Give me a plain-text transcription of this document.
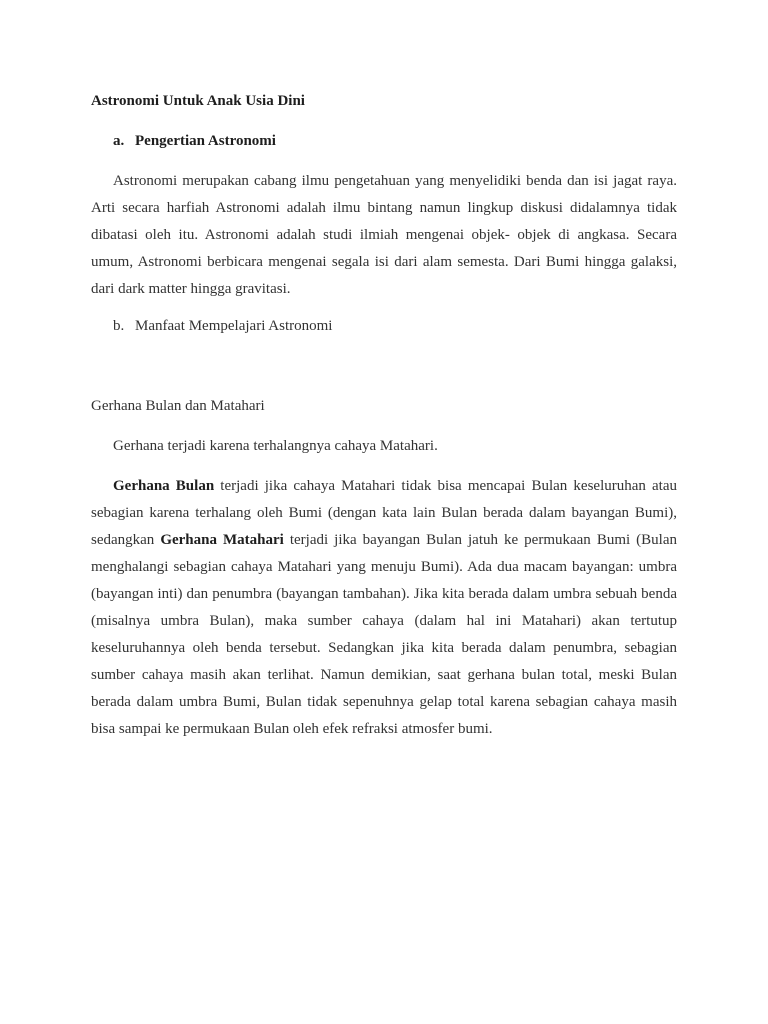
Astronomi Untuk Anak Usia Dini

a. Pengertian Astronomi

Astronomi merupakan cabang ilmu pengetahuan yang menyelidiki benda dan isi jagat raya. Arti secara harfiah Astronomi adalah ilmu bintang namun lingkup diskusi didalamnya tidak dibatasi oleh itu. Astronomi adalah studi ilmiah mengenai objek- objek di angkasa. Secara umum, Astronomi berbicara mengenai segala isi dari alam semesta. Dari Bumi hingga galaksi, dari dark matter hingga gravitasi.

b. Manfaat Mempelajari Astronomi

Gerhana Bulan dan Matahari

Gerhana terjadi karena terhalangnya cahaya Matahari.

Gerhana Bulan terjadi jika cahaya Matahari tidak bisa mencapai Bulan keseluruhan atau sebagian karena terhalang oleh Bumi (dengan kata lain Bulan berada dalam bayangan Bumi), sedangkan Gerhana Matahari terjadi jika bayangan Bulan jatuh ke permukaan Bumi (Bulan menghalangi sebagian cahaya Matahari yang menuju Bumi). Ada dua macam bayangan: umbra (bayangan inti) dan penumbra (bayangan tambahan). Jika kita berada dalam umbra sebuah benda (misalnya umbra Bulan), maka sumber cahaya (dalam hal ini Matahari) akan tertutup keseluruhannya oleh benda tersebut. Sedangkan jika kita berada dalam penumbra, sebagian sumber cahaya masih akan terlihat. Namun demikian, saat gerhana bulan total, meski Bulan berada dalam umbra Bumi, Bulan tidak sepenuhnya gelap total karena sebagian cahaya masih bisa sampai ke permukaan Bulan oleh efek refraksi atmosfer bumi.
